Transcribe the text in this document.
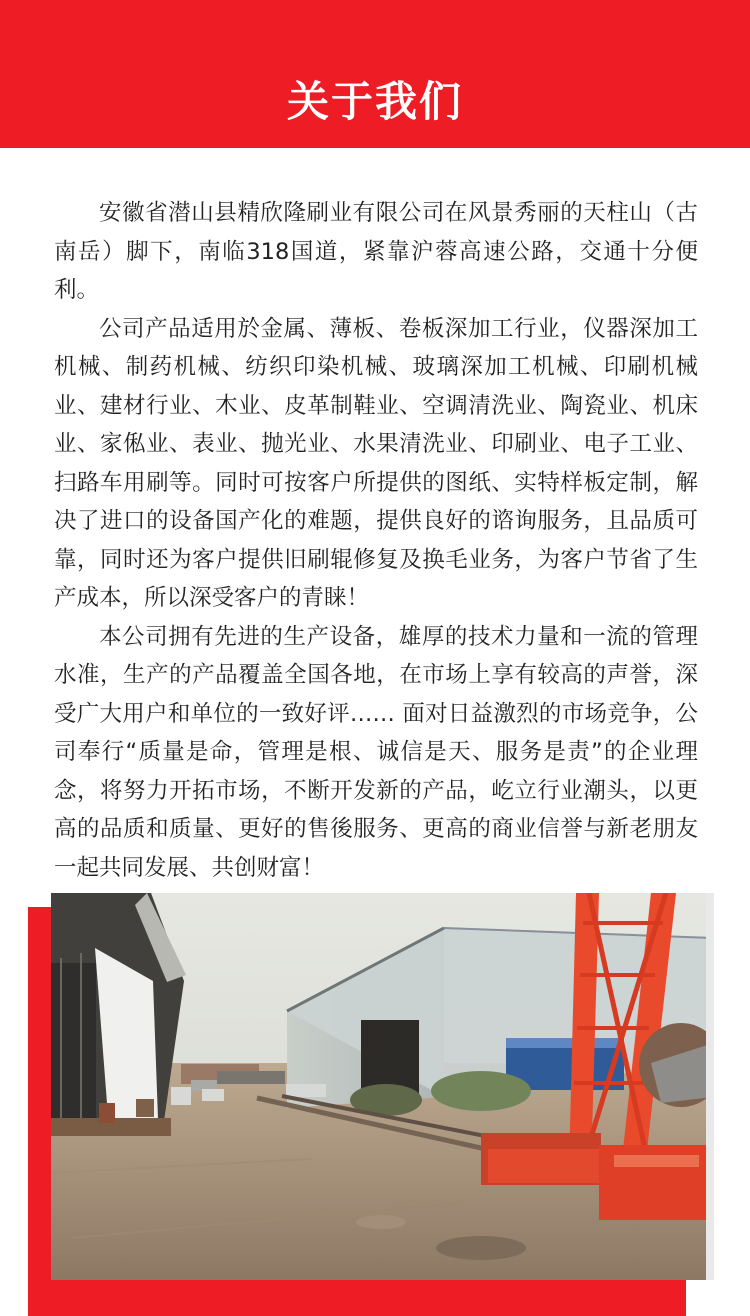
关于我们

安徽省潜山县精欣隆刷业有限公司在风景秀丽的天柱山（古南岳）脚下，南临318国道，紧靠沪蓉高速公路，交通十分便利。

公司产品适用於金属、薄板、卷板深加工行业，仪器深加工机械、制药机械、纺织印染机械、玻璃深加工机械、印刷机械业、建材行业、木业、皮革制鞋业、空调清洗业、陶瓷业、机床业、家俬业、表业、抛光业、水果清洗业、印刷业、电子工业、扫路车用刷等。同时可按客户所提供的图纸、实特样板定制，解决了进口的设备国产化的难题，提供良好的谘询服务，且品质可靠，同时还为客户提供旧刷辊修复及换毛业务，为客户节省了生产成本，所以深受客户的青睐！

本公司拥有先进的生产设备，雄厚的技术力量和一流的管理水准，生产的产品覆盖全国各地，在市场上享有较高的声誉，深受广大用户和单位的一致好评…… 面对日益激烈的市场竞争，公司奉行“质量是命，管理是根、诚信是天、服务是责”的企业理念，将努力开拓市场，不断开发新的产品，屹立行业潮头，以更高的品质和质量、更好的售後服务、更高的商业信誉与新老朋友一起共同发展、共创财富！
